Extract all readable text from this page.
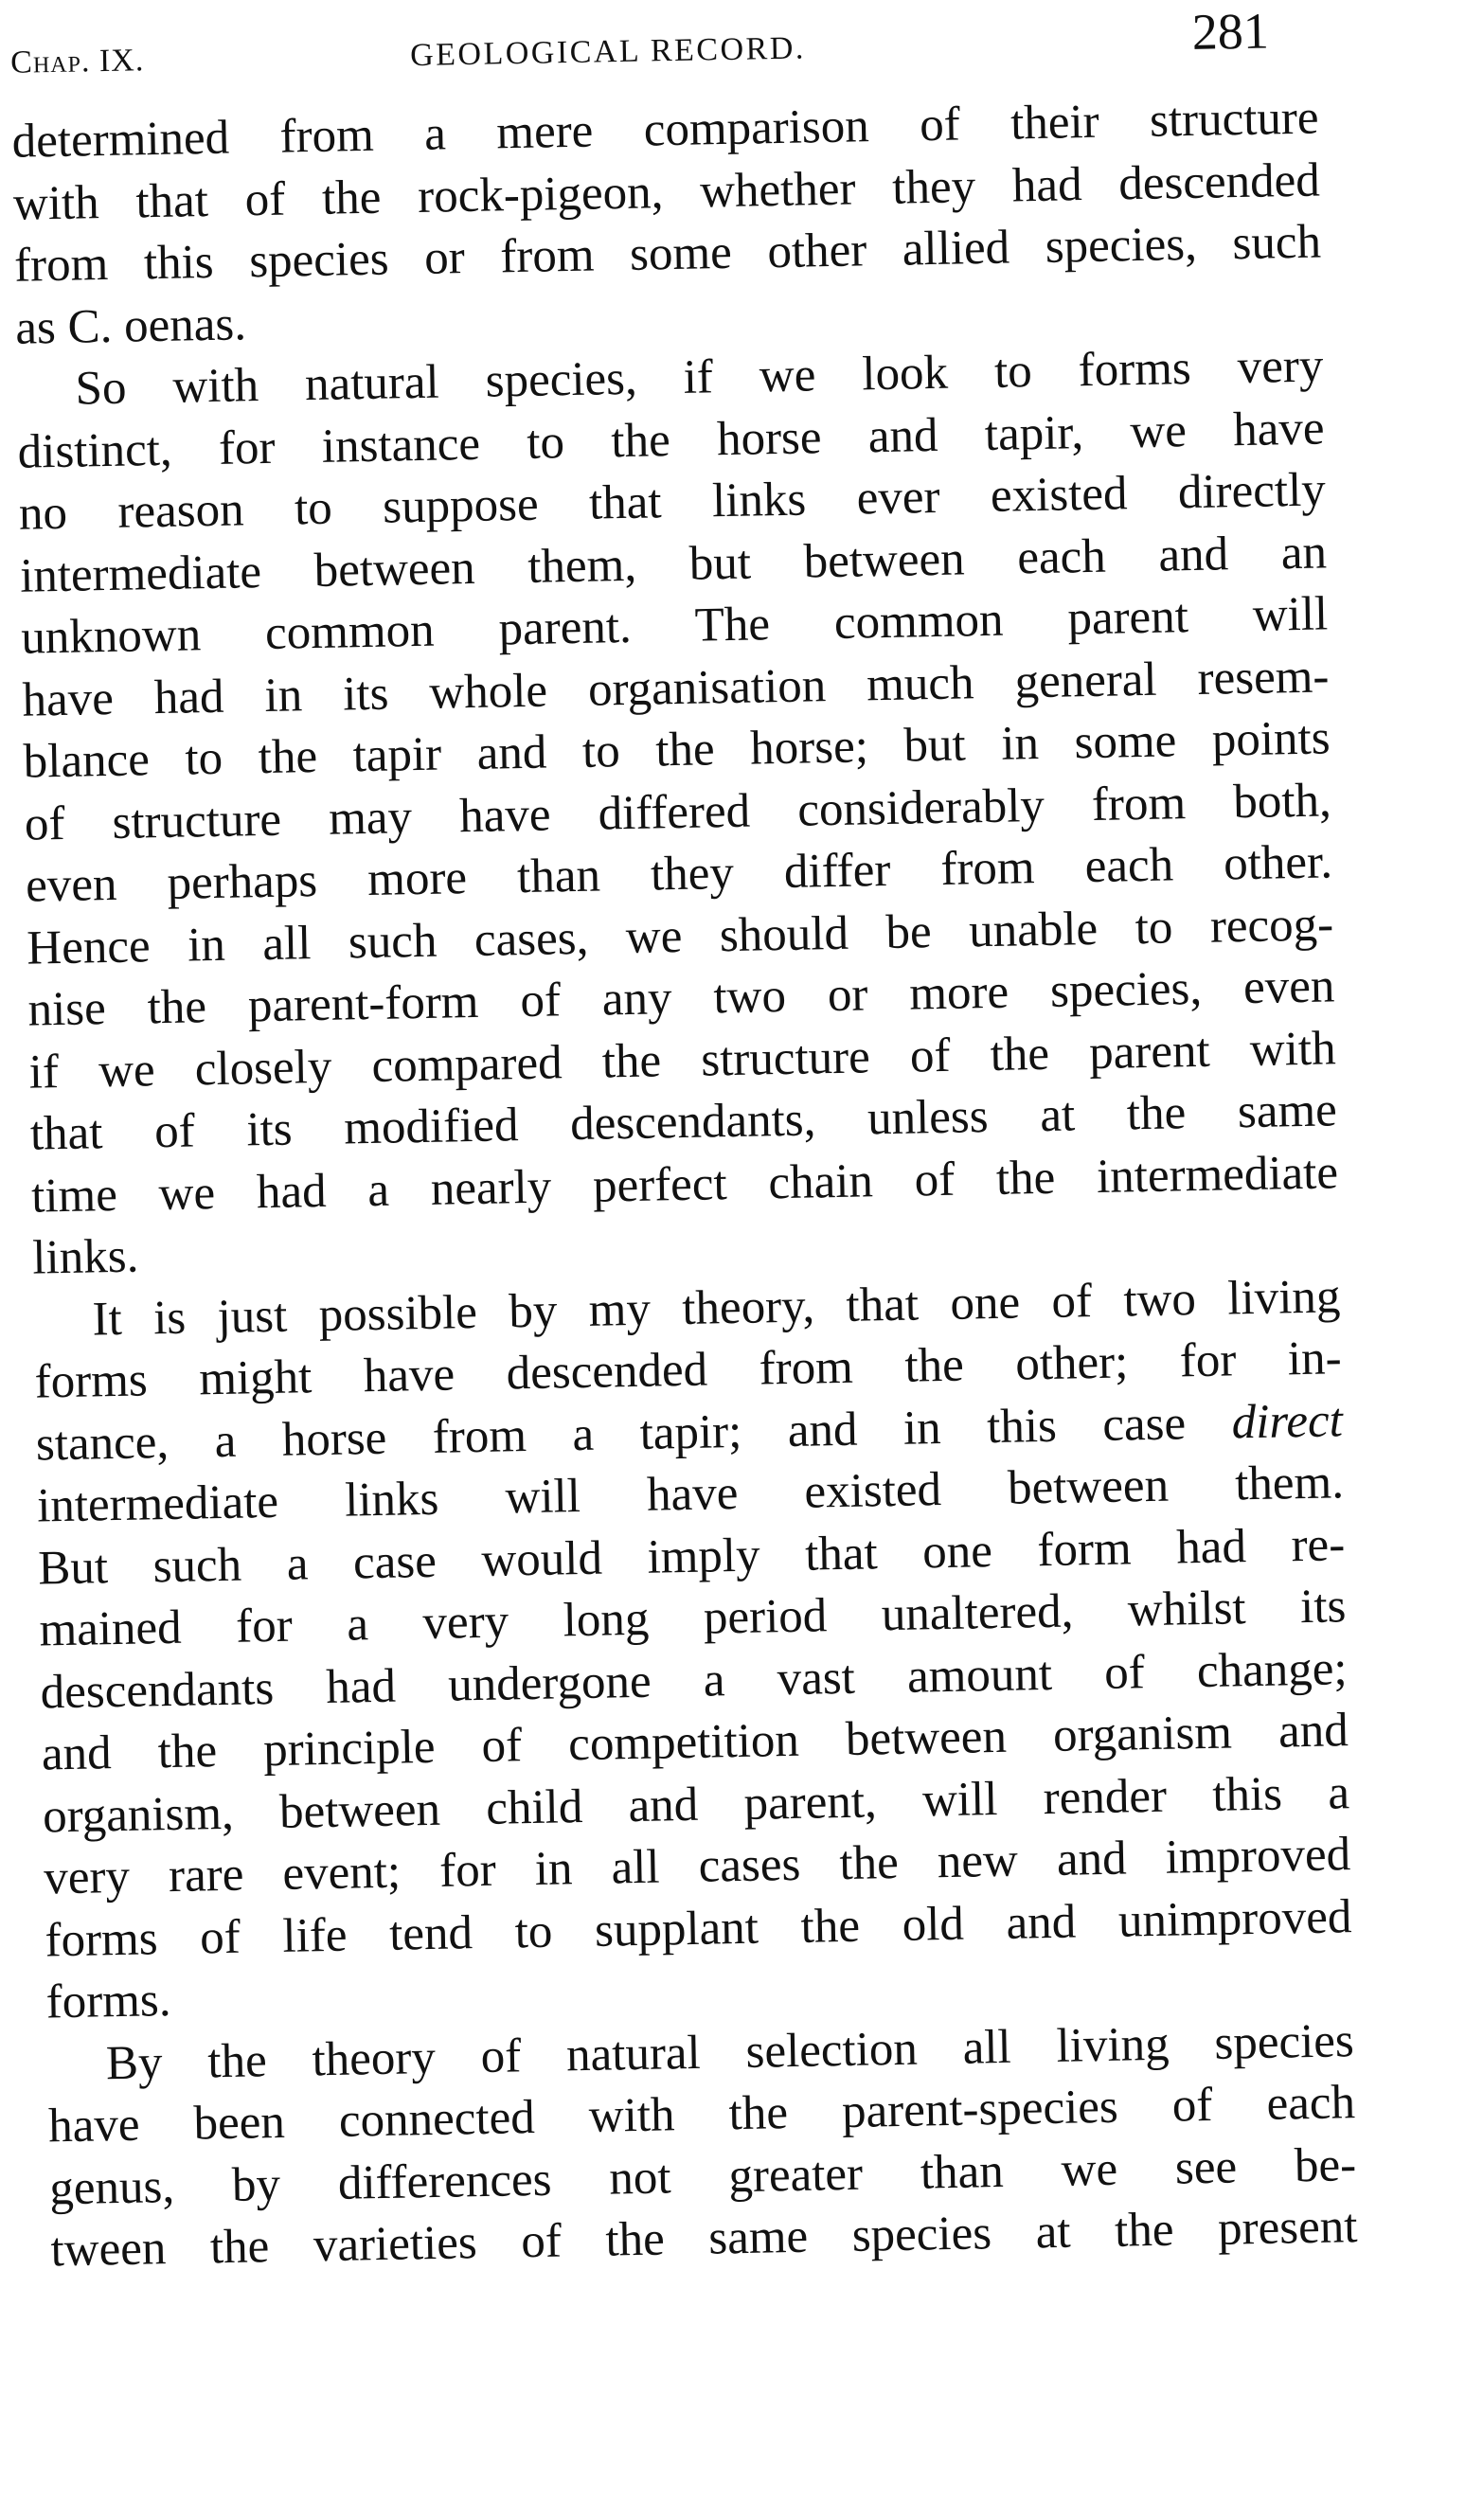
Chap. IX.	GEOLOGICAL RECORD.	281
determined from a mere comparison of their structure
with that of the rock-pigeon, whether they had descended
from this species or from some other allied species, such
as C. oenas.
So with natural species, if we look to forms very
distinct, for instance to the horse and tapir, we have
no reason to suppose that links ever existed directly
intermediate between them, but between each and an
unknown common parent. The common parent will
have had in its whole organisation much general resem-
blance to the tapir and to the horse; but in some points
of structure may have differed considerably from both,
even perhaps more than they differ from each other.
Hence in all such cases, we should be unable to recog-
nise the parent-form of any two or more species, even
if we closely compared the structure of the parent with
that of its modified descendants, unless at the same
time we had a nearly perfect chain of the intermediate
links.
It is just possible by my theory, that one of two living
forms might have descended from the other; for in-
stance, a horse from a tapir; and in this case direct
intermediate links will have existed between them.
But such a case would imply that one form had re-
mained for a very long period unaltered, whilst its
descendants had undergone a vast amount of change;
and the principle of competition between organism and
organism, between child and parent, will render this a
very rare event; for in all cases the new and improved
forms of life tend to supplant the old and unimproved
forms.
By the theory of natural selection all living species
have been connected with the parent-species of each
genus, by differences not greater than we see be-
tween the varieties of the same species at the present
